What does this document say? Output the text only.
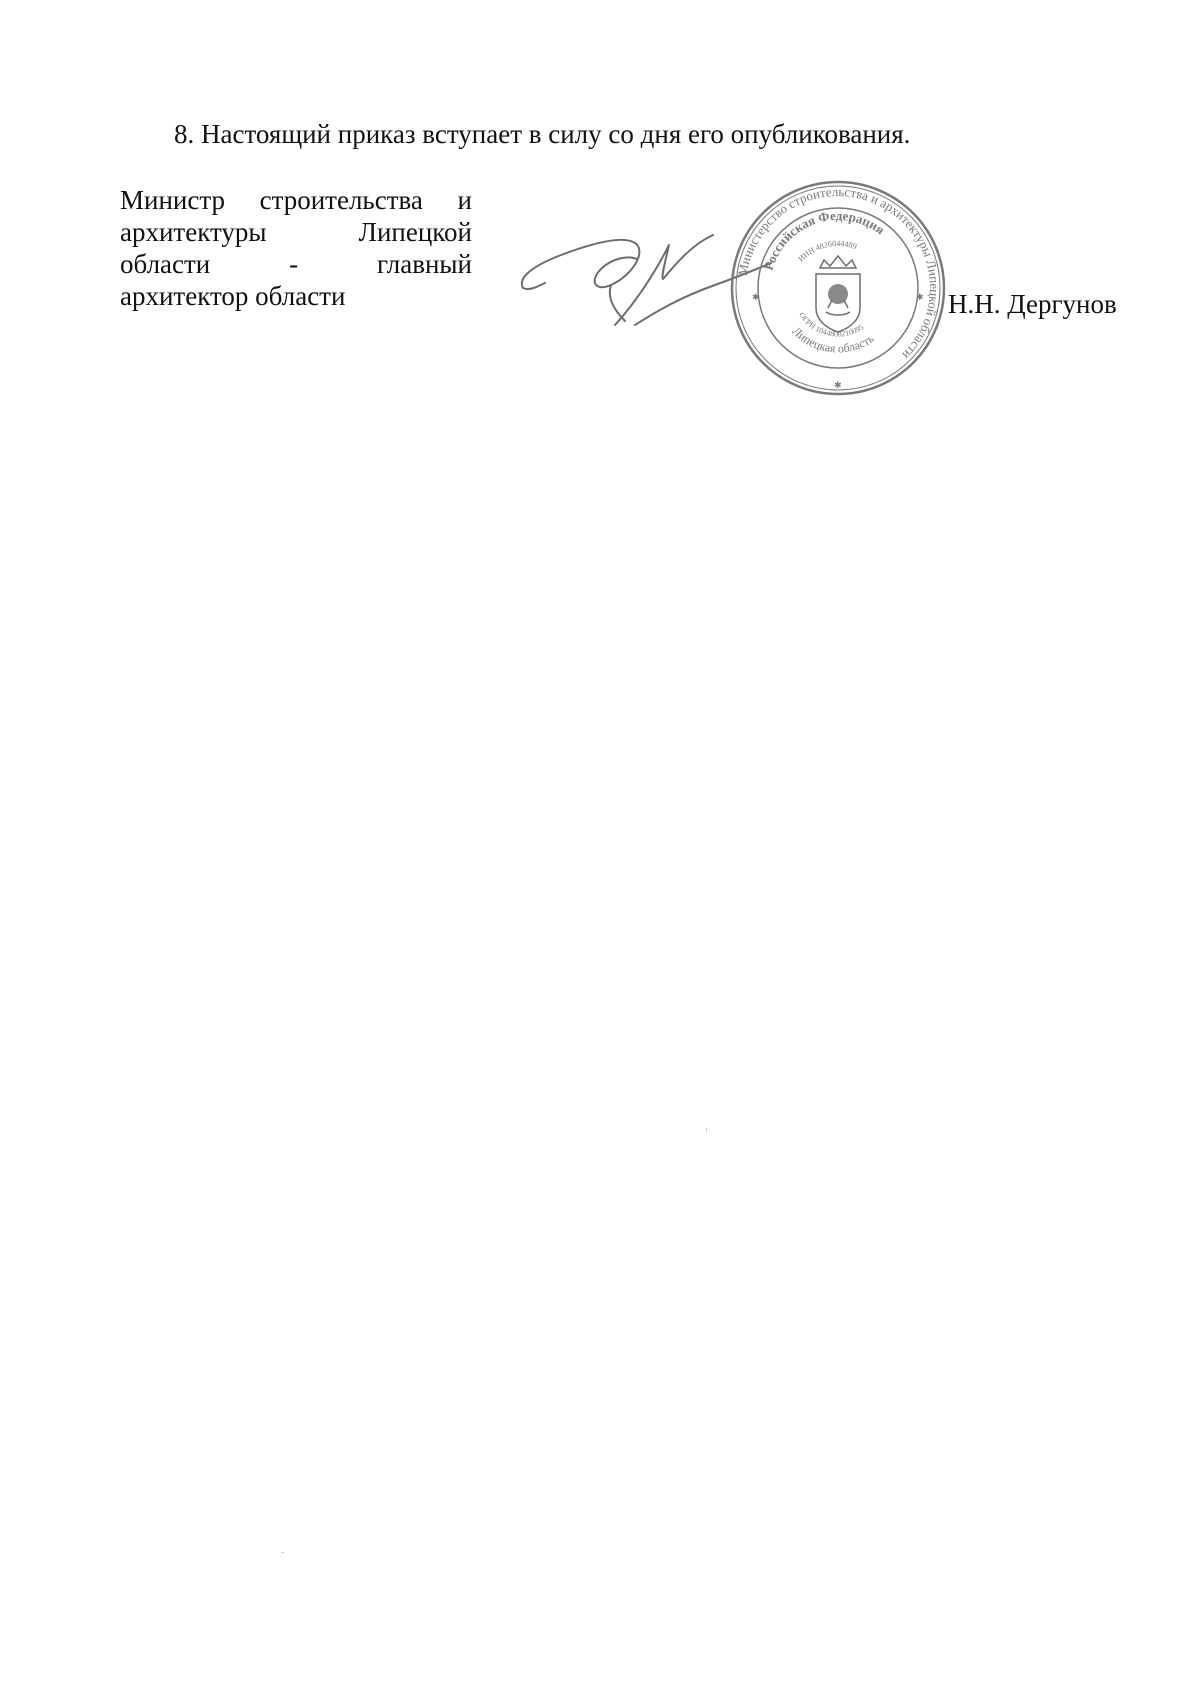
8. Настоящий приказ вступает в силу со дня его опубликования.

Министр строительства и
архитектуры Липецкой
области - главный
архитектор области
Министерство строительства и архитектуры Липецкой области
Российская Федерация
ИНН 4826044489
ОГРН 1044800210095
Липецкая область
✱	✱
✱
Н.Н. Дергунов
